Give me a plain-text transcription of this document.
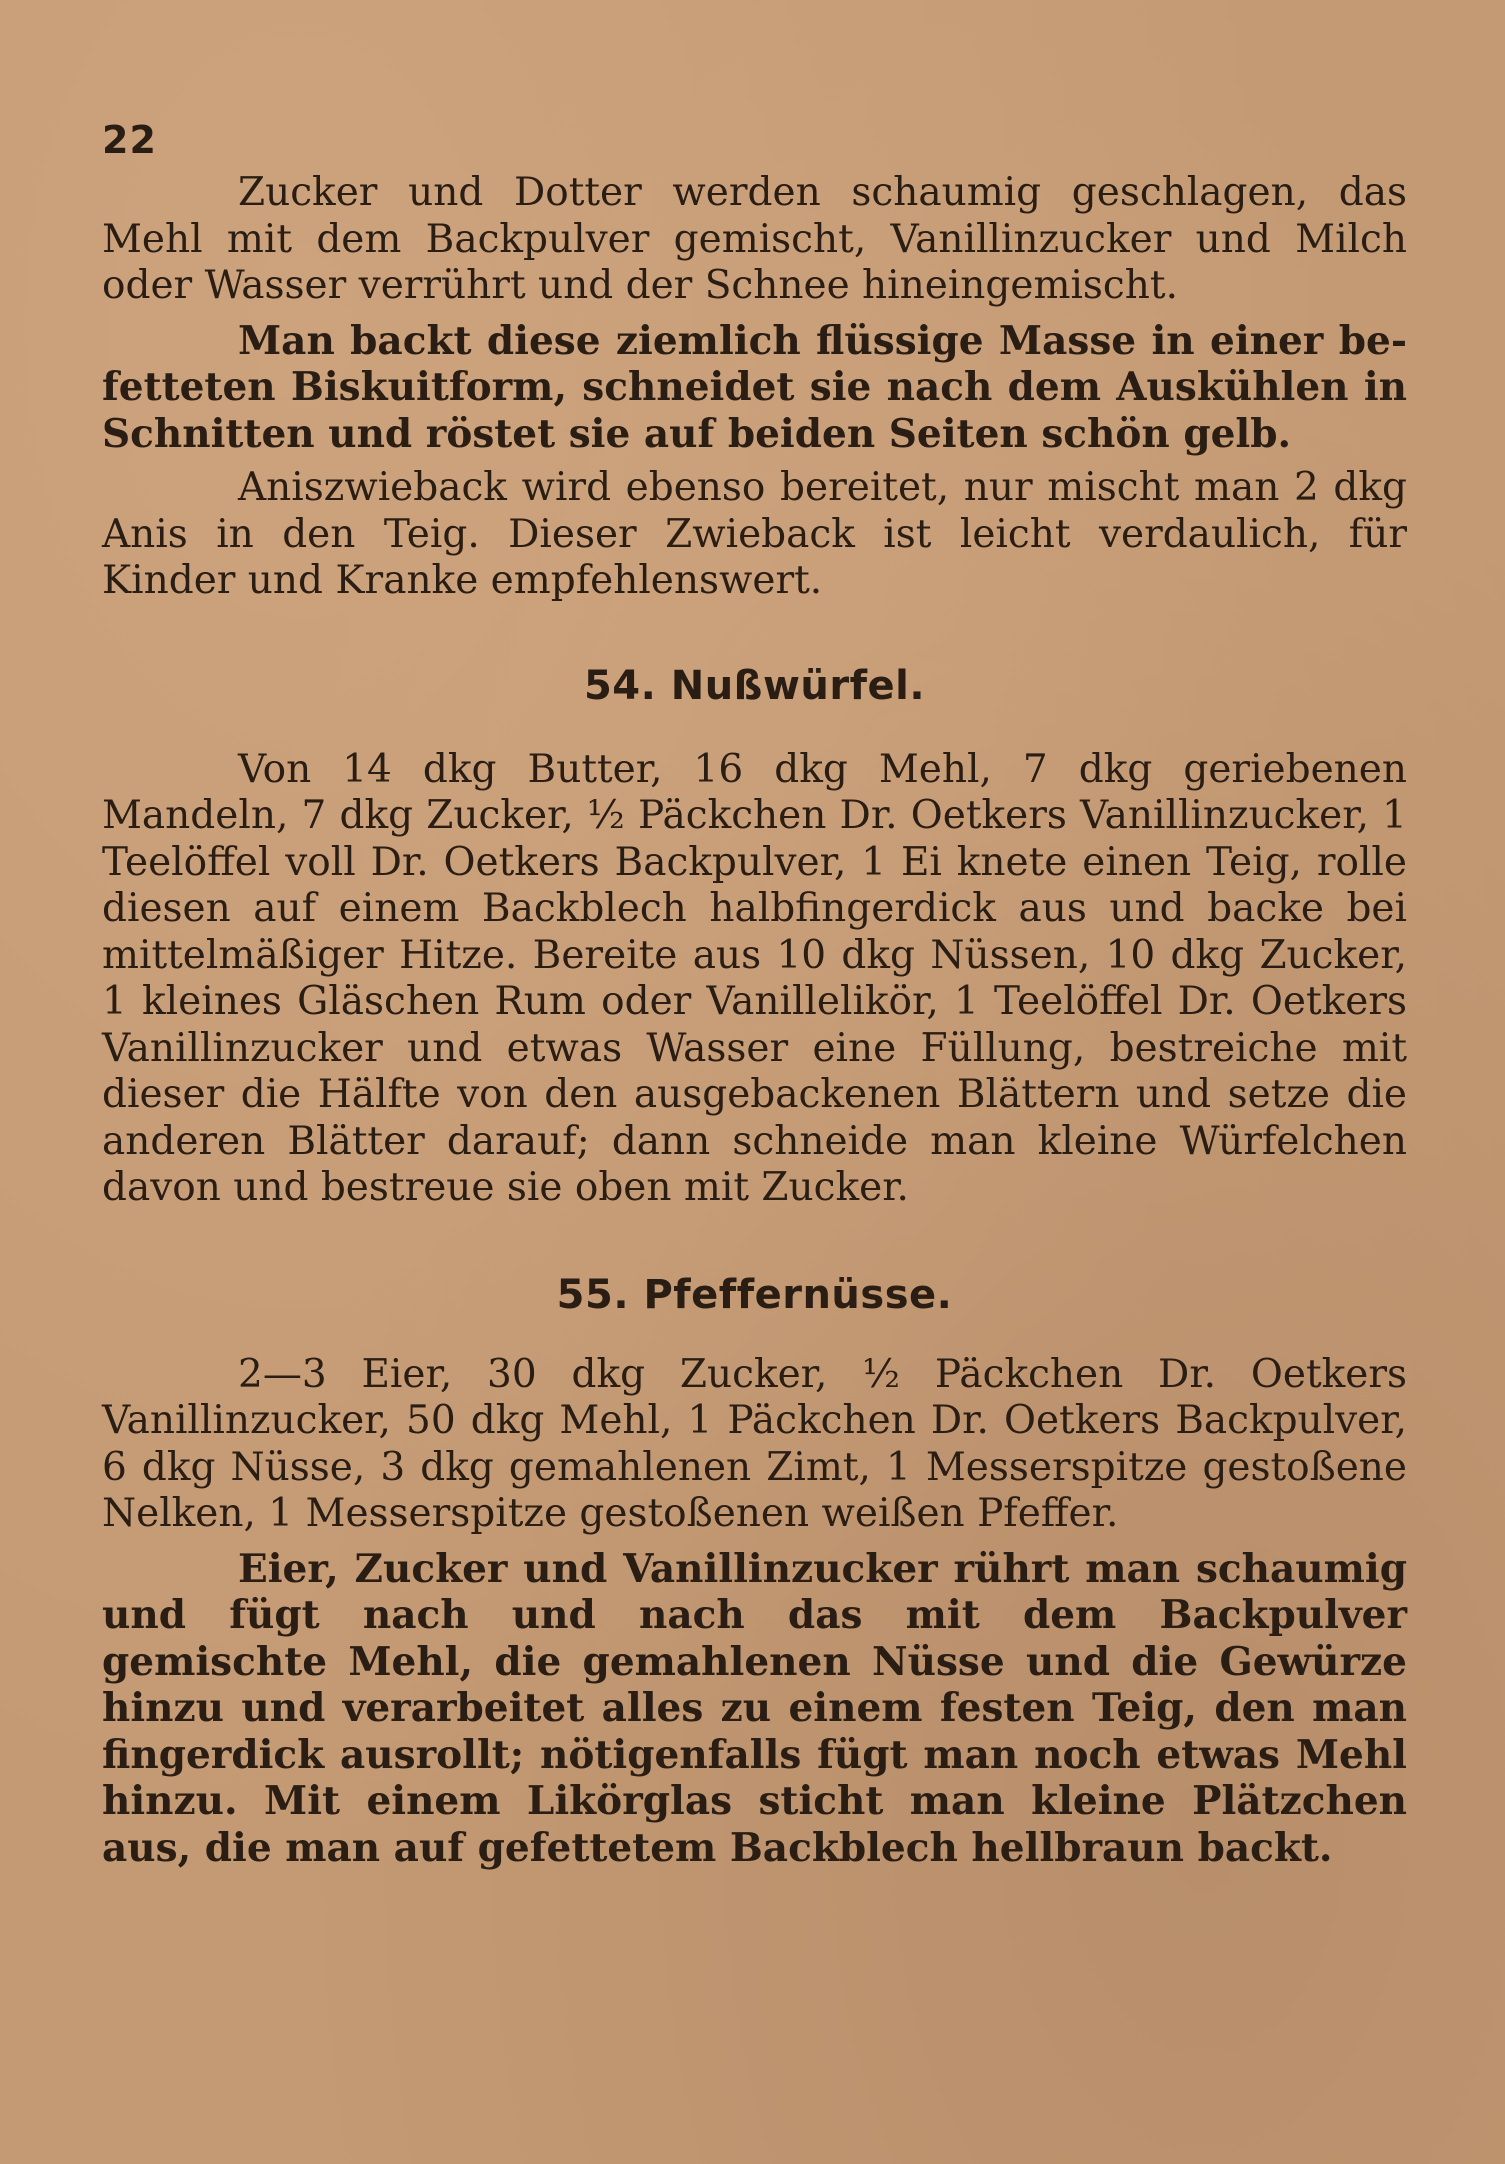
22

Zucker und Dotter werden schaumig geschlagen, das Mehl mit dem Backpulver gemischt, Vanillinzucker und Milch oder Wasser verrührt und der Schnee hineingemischt.

Man backt diese ziemlich flüssige Masse in einer befetteten Biskuitform, schneidet sie nach dem Auskühlen in Schnitten und röstet sie auf beiden Seiten schön gelb.

Aniszwieback wird ebenso bereitet, nur mischt man 2 dkg Anis in den Teig. Dieser Zwieback ist leicht verdaulich, für Kinder und Kranke empfehlenswert.

54. Nußwürfel.

Von 14 dkg Butter, 16 dkg Mehl, 7 dkg geriebenen Mandeln, 7 dkg Zucker, ½ Päckchen Dr. Oetkers Vanillinzucker, 1 Teelöffel voll Dr. Oetkers Backpulver, 1 Ei knete einen Teig, rolle diesen auf einem Backblech halbfingerdick aus und backe bei mittelmäßiger Hitze. Bereite aus 10 dkg Nüssen, 10 dkg Zucker, 1 kleines Gläschen Rum oder Vanillelikör, 1 Teelöffel Dr. Oetkers Vanillinzucker und etwas Wasser eine Füllung, bestreiche mit dieser die Hälfte von den ausgebackenen Blättern und setze die anderen Blätter darauf; dann schneide man kleine Würfelchen davon und bestreue sie oben mit Zucker.

55. Pfeffernüsse.

2—3 Eier, 30 dkg Zucker, ½ Päckchen Dr. Oetkers Vanillinzucker, 50 dkg Mehl, 1 Päckchen Dr. Oetkers Backpulver, 6 dkg Nüsse, 3 dkg gemahlenen Zimt, 1 Messerspitze gestoßene Nelken, 1 Messerspitze gestoßenen weißen Pfeffer.

Eier, Zucker und Vanillinzucker rührt man schaumig und fügt nach und nach das mit dem Backpulver gemischte Mehl, die gemahlenen Nüsse und die Gewürze hinzu und verarbeitet alles zu einem festen Teig, den man fingerdick ausrollt; nötigenfalls fügt man noch etwas Mehl hinzu. Mit einem Likörglas sticht man kleine Plätzchen aus, die man auf gefettetem Backblech hellbraun backt.
